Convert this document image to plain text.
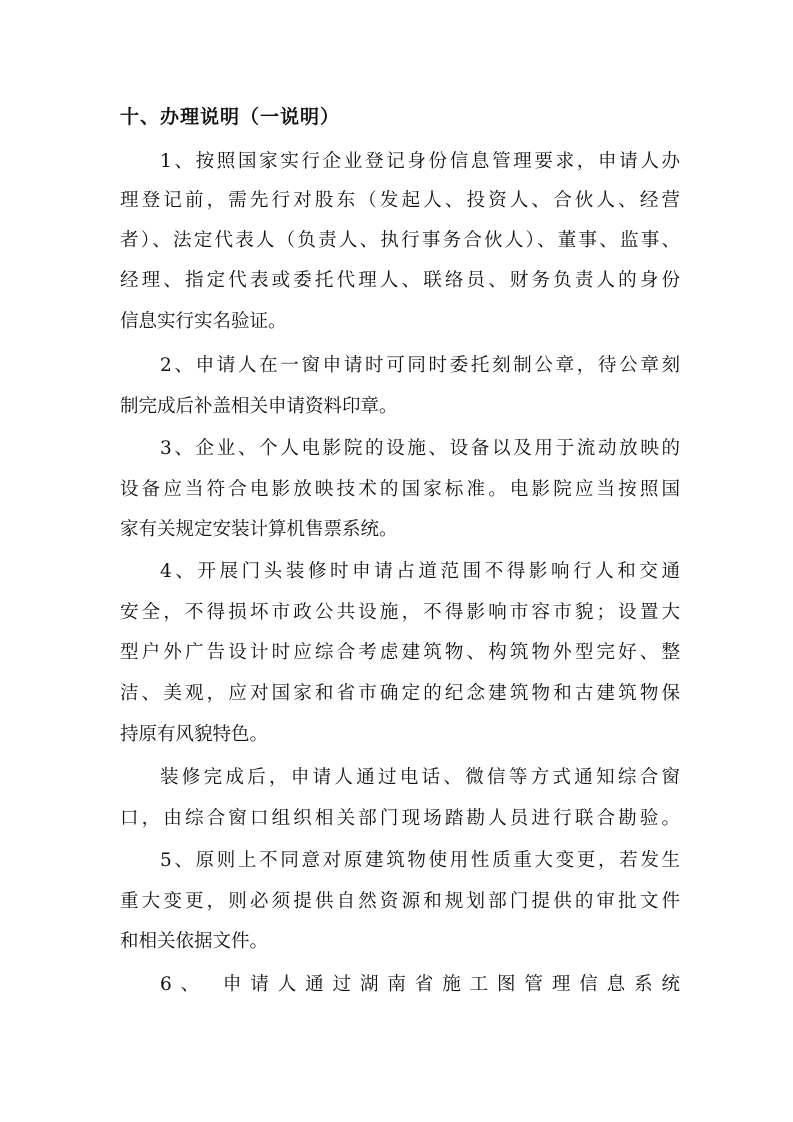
十、办理说明（一说明）
1、按照国家实行企业登记身份信息管理要求，申请人办
理登记前，需先行对股东（发起人、投资人、合伙人、经营
者）、法定代表人（负责人、执行事务合伙人）、董事、监事、
经理、指定代表或委托代理人、联络员、财务负责人的身份
信息实行实名验证。
2、申请人在一窗申请时可同时委托刻制公章，待公章刻
制完成后补盖相关申请资料印章。
3、企业、个人电影院的设施、设备以及用于流动放映的
设备应当符合电影放映技术的国家标准。电影院应当按照国
家有关规定安装计算机售票系统。
4、开展门头装修时申请占道范围不得影响行人和交通
安全，不得损坏市政公共设施，不得影响市容市貌；设置大
型户外广告设计时应综合考虑建筑物、构筑物外型完好、整
洁、美观，应对国家和省市确定的纪念建筑物和古建筑物保
持原有风貌特色。
装修完成后，申请人通过电话、微信等方式通知综合窗
口，由综合窗口组织相关部门现场踏勘人员进行联合勘验。
5、原则上不同意对原建筑物使用性质重大变更，若发生
重大变更，则必须提供自然资源和规划部门提供的审批文件
和相关依据文件。
6、 申请人通过湖南省施工图管理信息系统
